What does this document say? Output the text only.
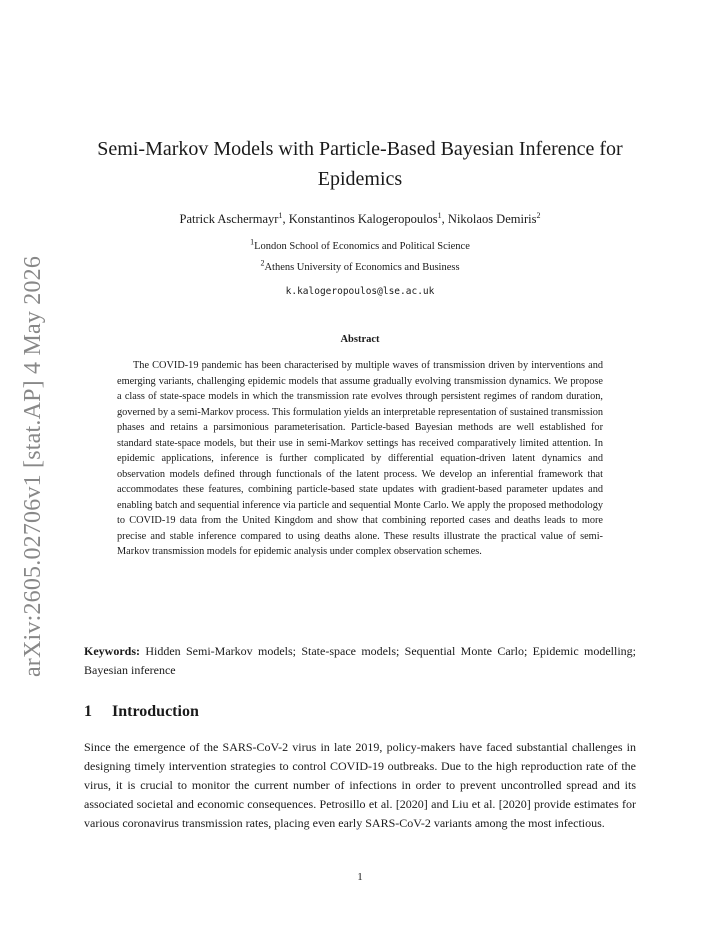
arXiv:2605.02706v1 [stat.AP] 4 May 2026
Semi-Markov Models with Particle-Based Bayesian Inference for Epidemics
Patrick Aschermayr$^1$, Konstantinos Kalogeropoulos$^1$, Nikolaos Demiris$^2$
$^1$London School of Economics and Political Science
$^2$Athens University of Economics and Business
k.kalogeropoulos@lse.ac.uk
Abstract

The COVID-19 pandemic has been characterised by multiple waves of transmission driven by interventions and emerging variants, challenging epidemic models that assume gradually evolving transmission dynamics. We propose a class of state-space models in which the transmission rate evolves through persistent regimes of random duration, governed by a semi-Markov process. This formulation yields an interpretable representation of sustained transmission phases and retains a parsimonious parameterisation. Particle-based Bayesian methods are well established for standard state-space models, but their use in semi-Markov settings has received comparatively limited attention. In epidemic applications, inference is further complicated by differential equation-driven latent dynamics and observation models defined through functionals of the latent process. We develop an inferential framework that accommodates these features, combining particle-based state updates with gradient-based parameter updates and enabling batch and sequential inference via particle and sequential Monte Carlo. We apply the proposed methodology to COVID-19 data from the United Kingdom and show that combining reported cases and deaths leads to more precise and stable inference compared to using deaths alone. These results illustrate the practical value of semi-Markov transmission models for epidemic analysis under complex observation schemes.

Keywords: Hidden Semi-Markov models; State-space models; Sequential Monte Carlo; Epidemic modelling; Bayesian inference

1 Introduction

Since the emergence of the SARS-CoV-2 virus in late 2019, policy-makers have faced substantial challenges in designing timely intervention strategies to control COVID-19 outbreaks. Due to the high reproduction rate of the virus, it is crucial to monitor the current number of infections in order to prevent uncontrolled spread and its associated societal and economic consequences. Petrosillo et al. [2020] and Liu et al. [2020] provide estimates for various coronavirus transmission rates, placing even early SARS-CoV-2 variants among the most infectious.

1
